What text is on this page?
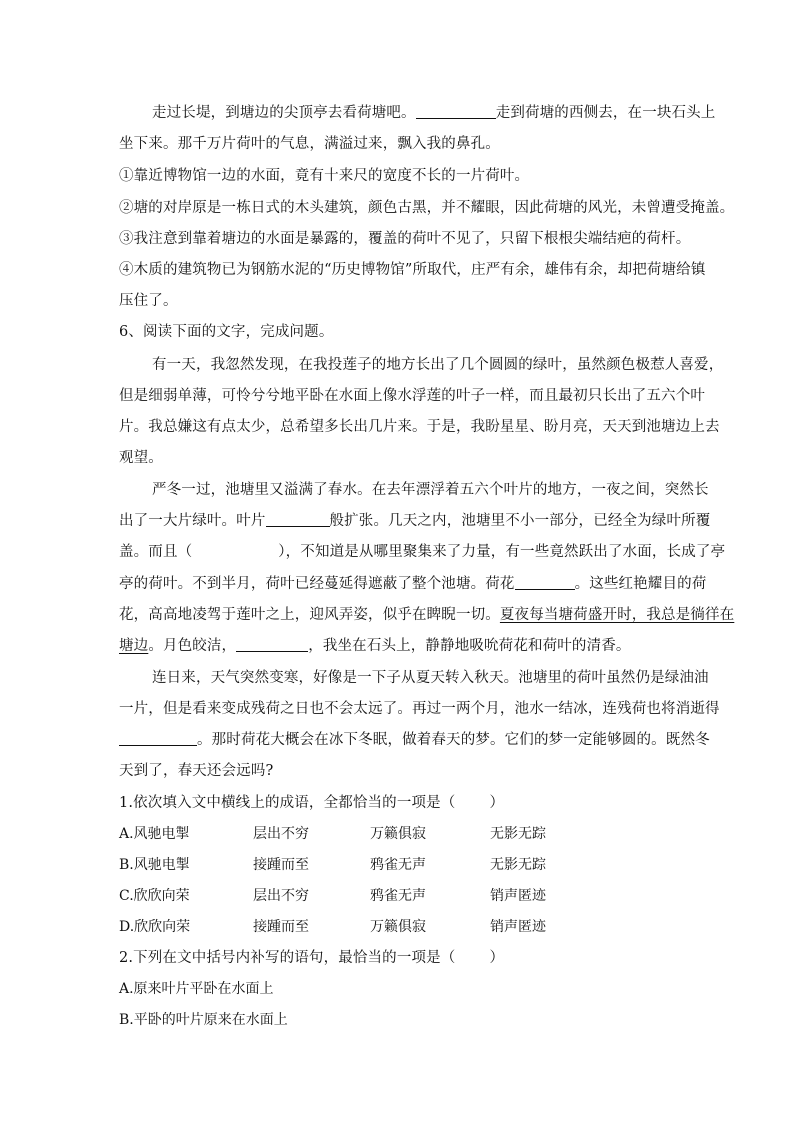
走过长堤，到塘边的尖顶亭去看荷塘吧。	走到荷塘的西侧去，在一块石头上
坐下来。那千万片荷叶的气息，满溢过来，飘入我的鼻孔。
①靠近博物馆一边的水面，竟有十来尺的宽度不长的一片荷叶。
②塘的对岸原是一栋日式的木头建筑，颜色古黑，并不耀眼，因此荷塘的风光，未曾遭受掩盖。
③我注意到靠着塘边的水面是暴露的，覆盖的荷叶不见了，只留下根根尖端结疤的荷杆。
④木质的建筑物已为钢筋水泥的“历史博物馆”所取代，庄严有余，雄伟有余，却把荷塘给镇
压住了。
6、阅读下面的文字，完成问题。
有一天，我忽然发现，在我投莲子的地方长出了几个圆圆的绿叶，虽然颜色极惹人喜爱，
但是细弱单薄，可怜兮兮地平卧在水面上像水浮莲的叶子一样，而且最初只长出了五六个叶
片。我总嫌这有点太少，总希望多长出几片来。于是，我盼星星、盼月亮，天天到池塘边上去
观望。
严冬一过，池塘里又溢满了春水。在去年漂浮着五六个叶片的地方，一夜之间，突然长
出了一大片绿叶。叶片	般扩张。几天之内，池塘里不小一部分，已经全为绿叶所覆
盖。而且（	），不知道是从哪里聚集来了力量，有一些竟然跃出了水面，长成了亭
亭的荷叶。不到半月，荷叶已经蔓延得遮蔽了整个池塘。荷花	。这些红艳耀目的荷
花，高高地凌驾于莲叶之上，迎风弄姿，似乎在睥睨一切。夏夜每当塘荷盛开时，我总是徜徉在
塘边。月色皎洁，	，我坐在石头上，静静地吸吮荷花和荷叶的清香。
连日来，天气突然变寒，好像是一下子从夏天转入秋天。池塘里的荷叶虽然仍是绿油油
一片，但是看来变成残荷之日也不会太远了。再过一两个月，池水一结冰，连残荷也将消逝得
。那时荷花大概会在冰下冬眠，做着春天的梦。它们的梦一定能够圆的。既然冬
天到了，春天还会远吗?
1.依次填入文中横线上的成语，全都恰当的一项是（ ）
A.风驰电掣	层出不穷	万籁俱寂	无影无踪
B.风驰电掣	接踵而至	鸦雀无声	无影无踪
C.欣欣向荣	层出不穷	鸦雀无声	销声匿迹
D.欣欣向荣	接踵而至	万籁俱寂	销声匿迹
2.下列在文中括号内补写的语句，最恰当的一项是（ ）
A.原来叶片平卧在水面上
B.平卧的叶片原来在水面上
